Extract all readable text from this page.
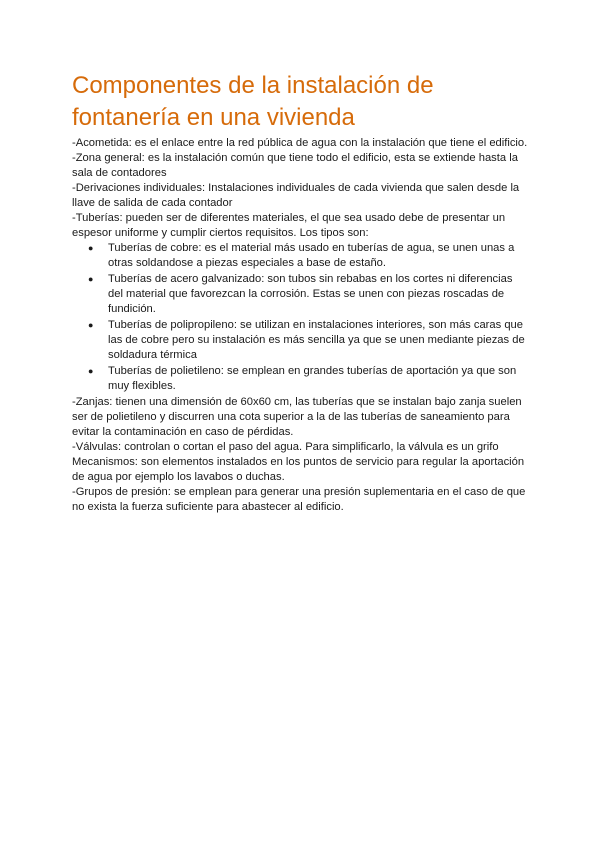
Componentes de la instalación de fontanería en una vivienda

-Acometida: es el enlace entre la red pública de agua con la instalación que tiene el edificio.

-Zona general: es la instalación común que tiene todo el edificio, esta se extiende hasta la sala de contadores

-Derivaciones individuales: Instalaciones individuales de cada vivienda que salen desde la llave de salida de cada contador

-Tuberías: pueden ser de diferentes materiales, el que sea usado debe de presentar un espesor uniforme y cumplir ciertos requisitos. Los tipos son:

● Tuberías de cobre: es el material más usado en tuberías de agua, se unen unas a otras soldandose a piezas especiales a base de estaño.
● Tuberías de acero galvanizado: son tubos sin rebabas en los cortes ni diferencias del material que favorezcan la corrosión. Estas se unen con piezas roscadas de fundición.
● Tuberías de polipropileno: se utilizan en instalaciones interiores, son más caras que las de cobre pero su instalación es más sencilla ya que se unen mediante piezas de soldadura térmica
● Tuberías de polietileno: se emplean en grandes tuberías de aportación ya que son muy flexibles.

-Zanjas: tienen una dimensión de 60x60 cm, las tuberías que se instalan bajo zanja suelen ser de polietileno y discurren una cota superior a la de las tuberías de saneamiento para evitar la contaminación en caso de pérdidas.

-Válvulas: controlan o cortan el paso del agua. Para simplificarlo, la válvula es un grifo

Mecanismos: son elementos instalados en los puntos de servicio para regular la aportación de agua por ejemplo los lavabos o duchas.

-Grupos de presión: se emplean para generar una presión suplementaria en el caso de que no exista la fuerza suficiente para abastecer al edificio.
